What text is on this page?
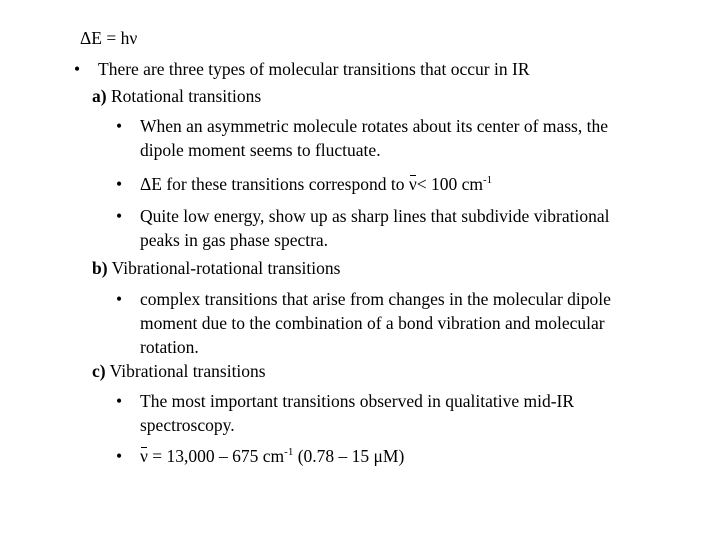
ΔE = hν
• There are three types of molecular transitions that occur in IR
a) Rotational transitions
• When an asymmetric molecule rotates about its center of mass, the
dipole moment seems to fluctuate.
• ΔE for these transitions correspond to ν< 100 $cm^{-1}$
• Quite low energy, show up as sharp lines that subdivide vibrational
peaks in gas phase spectra.
b) Vibrational-rotational transitions
• complex transitions that arise from changes in the molecular dipole
moment due to the combination of a bond vibration and molecular
rotation.
c) Vibrational transitions
• The most important transitions observed in qualitative mid-IR
spectroscopy.
• ν = 13,000 – 675 $cm^{-1}$ (0.78 – 15 μM)
